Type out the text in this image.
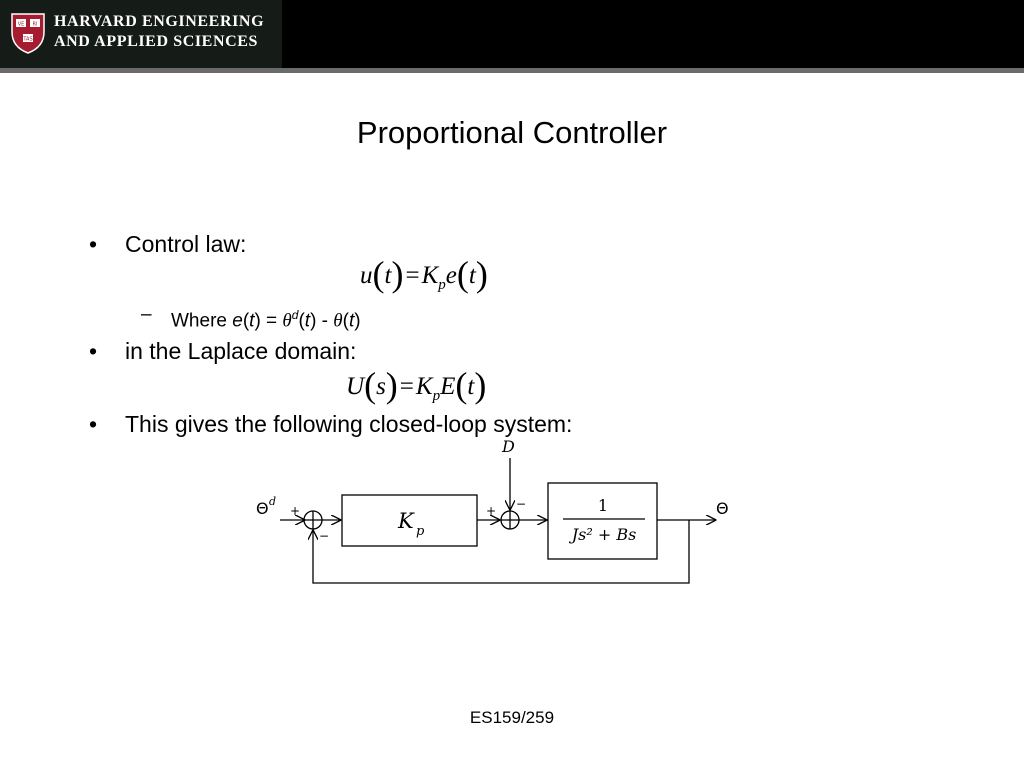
VE RI
TAS
HARVARD ENGINEERING
AND APPLIED SCIENCES
Proportional Controller
• Control law:
$u(t)=K_pe(t)$
– Where $e(t) = \theta^d(t) - \theta(t)$
• in the Laplace domain:
$U(s)=K_pE(t)$
• This gives the following closed-loop system:
Θ d
+
−
K p
+
D
−	1
Js² + Bs
Θ
ES159/259
